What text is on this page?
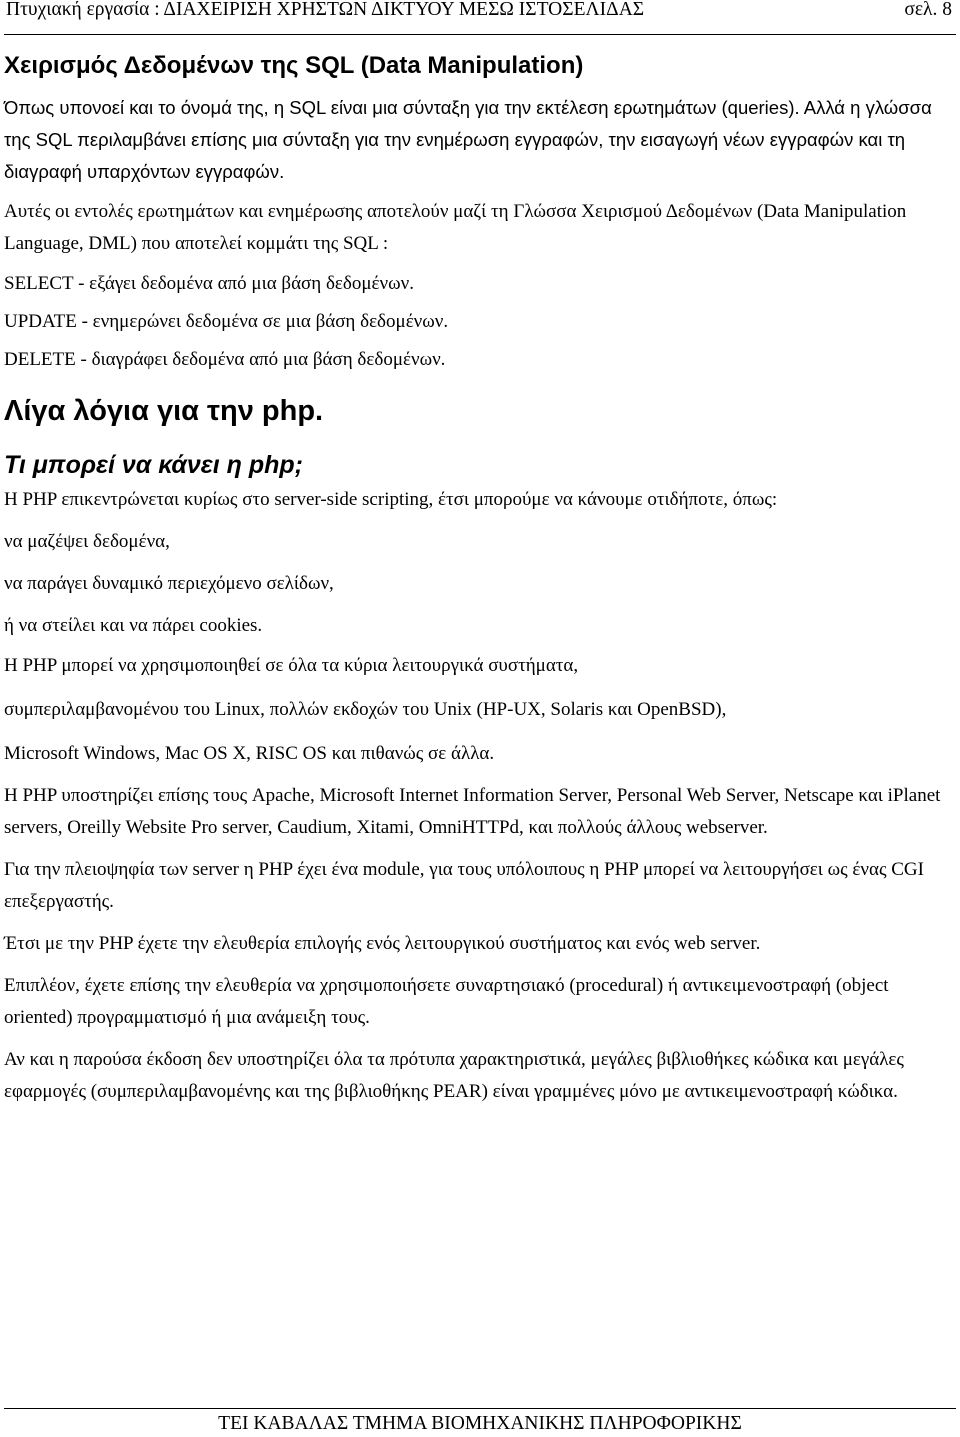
Πτυχιακή εργασία : ΔΙΑΧΕΙΡΙΣΗ ΧΡΗΣΤΩΝ ΔΙΚΤΥΟΥ ΜΕΣΩ ΙΣΤΟΣΕΛΙΔΑΣ	σελ. 8
Χειρισμός Δεδομένων της SQL (Data Manipulation)

Όπως υπονοεί και το όνομά της, η SQL είναι μια σύνταξη για την εκτέλεση ερωτημάτων (queries). Αλλά η γλώσσα της SQL περιλαμβάνει επίσης μια σύνταξη για την ενημέρωση εγγραφών, την εισαγωγή νέων εγγραφών και τη διαγραφή υπαρχόντων εγγραφών.

Αυτές οι εντολές ερωτημάτων και ενημέρωσης αποτελούν μαζί τη Γλώσσα Χειρισμού Δεδομένων (Data Manipulation Language, DML) που αποτελεί κομμάτι της SQL :

SELECT - εξάγει δεδομένα από μια βάση δεδομένων.

UPDATE - ενημερώνει δεδομένα σε μια βάση δεδομένων.

DELETE - διαγράφει δεδομένα από μια βάση δεδομένων.

Λίγα λόγια για την php.
Τι μπορεί να κάνει η php;

Η PHP επικεντρώνεται κυρίως στο server-side scripting, έτσι μπορούμε να κάνουμε οτιδήποτε, όπως:

να μαζέψει δεδομένα,

να παράγει δυναμικό περιεχόμενο σελίδων,

ή να στείλει και να πάρει cookies.

Η PHP μπορεί να χρησιμοποιηθεί σε όλα τα κύρια λειτουργικά συστήματα,

συμπεριλαμβανομένου του Linux, πολλών εκδοχών του Unix (HP-UX, Solaris και OpenBSD),

Microsoft Windows, Mac OS X, RISC OS και πιθανώς σε άλλα.

Η PHP υποστηρίζει επίσης τους Apache, Microsoft Internet Information Server, Personal Web Server, Netscape και iPlanet servers, Oreilly Website Pro server, Caudium, Xitami, OmniHTTPd, και πολλούς άλλους webserver.

Για την πλειοψηφία των server η PHP έχει ένα module, για τους υπόλοιπους η PHP μπορεί να λειτουργήσει ως ένας CGI επεξεργαστής.

Έτσι με την PHP έχετε την ελευθερία επιλογής ενός λειτουργικού συστήματος και ενός web server.

Επιπλέον, έχετε επίσης την ελευθερία να χρησιμοποιήσετε συναρτησιακό (procedural) ή αντικειμενοστραφή (object oriented) προγραμματισμό ή μια ανάμειξη τους.

Αν και η παρούσα έκδοση δεν υποστηρίζει όλα τα πρότυπα χαρακτηριστικά, μεγάλες βιβλιοθήκες κώδικα και μεγάλες εφαρμογές (συμπεριλαμβανομένης και της βιβλιοθήκης PEAR) είναι γραμμένες μόνο με αντικειμενοστραφή κώδικα.

ΤΕΙ ΚΑΒΑΛΑΣ ΤΜΗΜΑ ΒΙΟΜΗΧΑΝΙΚΗΣ ΠΛΗΡΟΦΟΡΙΚΗΣ
